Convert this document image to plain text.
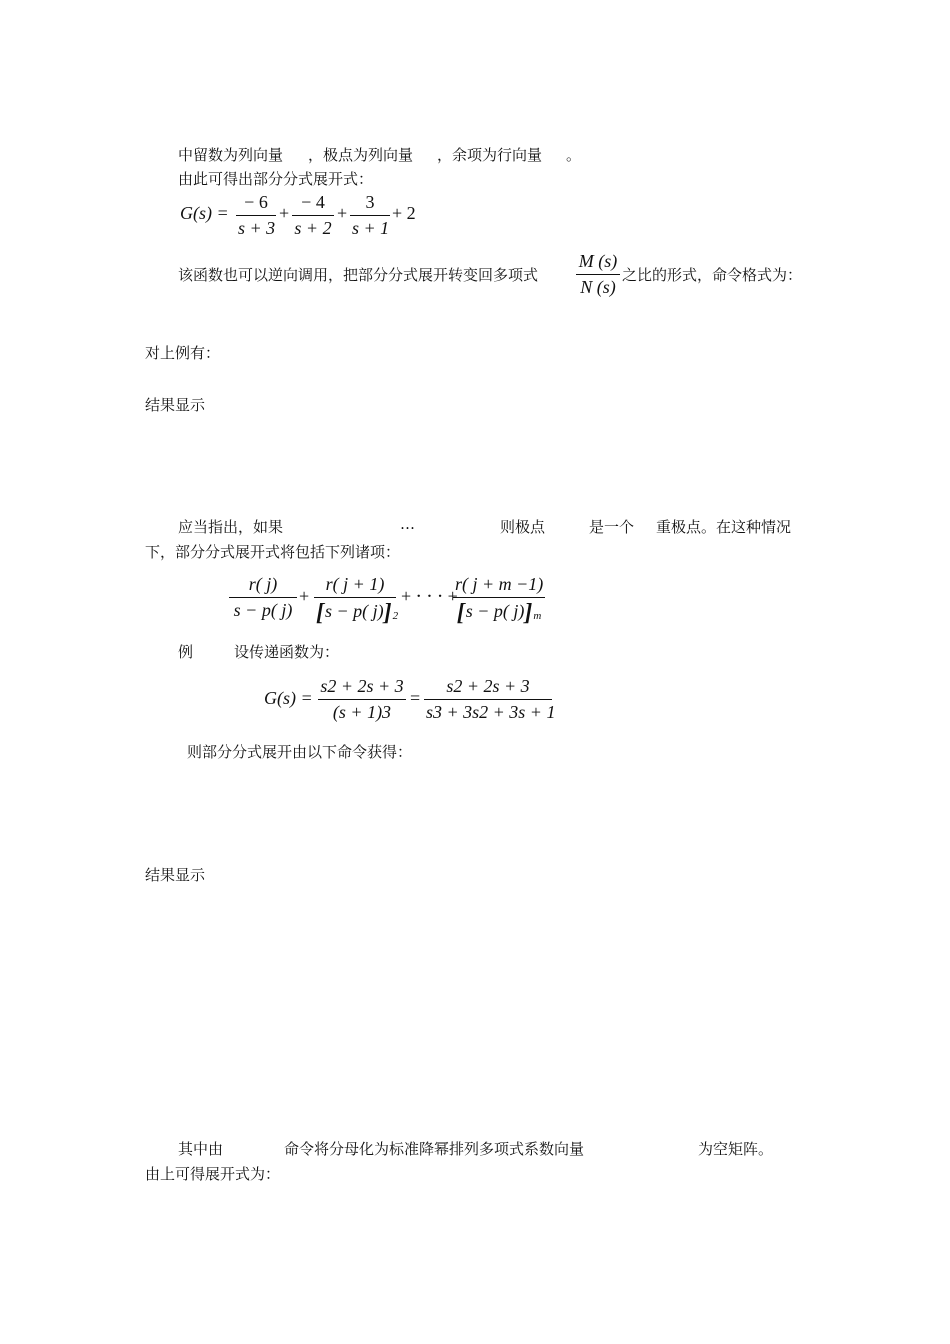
中留数为列向量 ，极点为列向量 ，余项为行向量 。
由此可得出部分分式展开式：
G(s) =
− 6
s + 3
+
− 4
s + 2
+
3
s + 1
+ 2
该函数也可以逆向调用，把部分分式展开转变回多项式
M (s)
N (s)
之比的形式，命令格式为：
对上例有：
结果显示
应当指出，如果	…	则极点	是一个 重极点。在这种情况
下，部分分式展开式将包括下列诸项：
r( j)
s − p( j)
+
r( j + 1)
[s − p( j)]$^2$
+ ⋅ ⋅ ⋅ +
r( j + m −1)
[s − p( j)]$^m$
例	设传递函数为：
G(s) =
s2 + 2s + 3
(s + 1)3
=
s2 + 2s + 3
s3 + 3s2 + 3s + 1
则部分分式展开由以下命令获得：
结果显示
其中由	命令将分母化为标准降幂排列多项式系数向量	为空矩阵。
由上可得展开式为：
